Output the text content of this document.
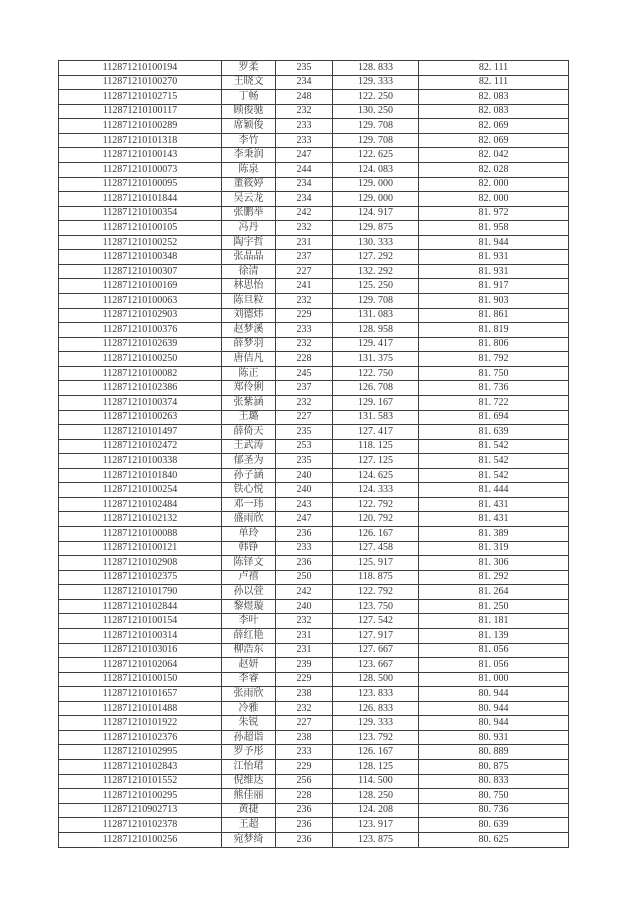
112871210100194	罗柔	235	128. 833	82. 111
112871210100270	王晓文	234	129. 333	82. 111
112871210102715	丁畅	248	122. 250	82. 083
112871210100117	顾俊驰	232	130. 250	82. 083
112871210100289	席颖俊	233	129. 708	82. 069
112871210101318	李竹	233	129. 708	82. 069
112871210100143	李秉润	247	122. 625	82. 042
112871210100073	陈泉	244	124. 083	82. 028
112871210100095	董筱婷	234	129. 000	82. 000
112871210101844	吴云龙	234	129. 000	82. 000
112871210100354	张鹏举	242	124. 917	81. 972
112871210100105	冯丹	232	129. 875	81. 958
112871210100252	陶宇哲	231	130. 333	81. 944
112871210100348	张晶晶	237	127. 292	81. 931
112871210100307	徐清	227	132. 292	81. 931
112871210100169	林思怡	241	125. 250	81. 917
112871210100063	陈旦粒	232	129. 708	81. 903
112871210102903	刘德炜	229	131. 083	81. 861
112871210100376	赵梦溪	233	128. 958	81. 819
112871210102639	薛梦羽	232	129. 417	81. 806
112871210100250	唐佶凡	228	131. 375	81. 792
112871210100082	陈正	245	122. 750	81. 750
112871210102386	郑伶俐	237	126. 708	81. 736
112871210100374	张紫涵	232	129. 167	81. 722
112871210100263	王璐	227	131. 583	81. 694
112871210101497	薛倚天	235	127. 417	81. 639
112871210102472	王武涛	253	118. 125	81. 542
112871210100338	郁圣为	235	127. 125	81. 542
112871210101840	孙子涵	240	124. 625	81. 542
112871210100254	铁心悦	240	124. 333	81. 444
112871210102484	邓一玮	243	122. 792	81. 431
112871210102132	盛雨欣	247	120. 792	81. 431
112871210100088	单玲	236	126. 167	81. 389
112871210100121	韩铮	233	127. 458	81. 319
112871210102908	陈铎文	236	125. 917	81. 306
112871210102375	卢禧	250	118. 875	81. 292
112871210101790	孙以萱	242	122. 792	81. 264
112871210102844	黎煜璇	240	123. 750	81. 250
112871210100154	李叶	232	127. 542	81. 181
112871210100314	薛红艳	231	127. 917	81. 139
112871210103016	柳浩东	231	127. 667	81. 056
112871210102064	赵妍	239	123. 667	81. 056
112871210100150	李睿	229	128. 500	81. 000
112871210101657	张雨欣	238	123. 833	80. 944
112871210101488	冷雅	232	126. 833	80. 944
112871210101922	朱锐	227	129. 333	80. 944
112871210102376	孙超诣	238	123. 792	80. 931
112871210102995	罗予彤	233	126. 167	80. 889
112871210102843	江怡珺	229	128. 125	80. 875
112871210101552	倪维达	256	114. 500	80. 833
112871210100295	熊佳丽	228	128. 250	80. 750
112871210902713	黄捷	236	124. 208	80. 736
112871210102378	王超	236	123. 917	80. 639
112871210100256	宛梦绮	236	123. 875	80. 625
